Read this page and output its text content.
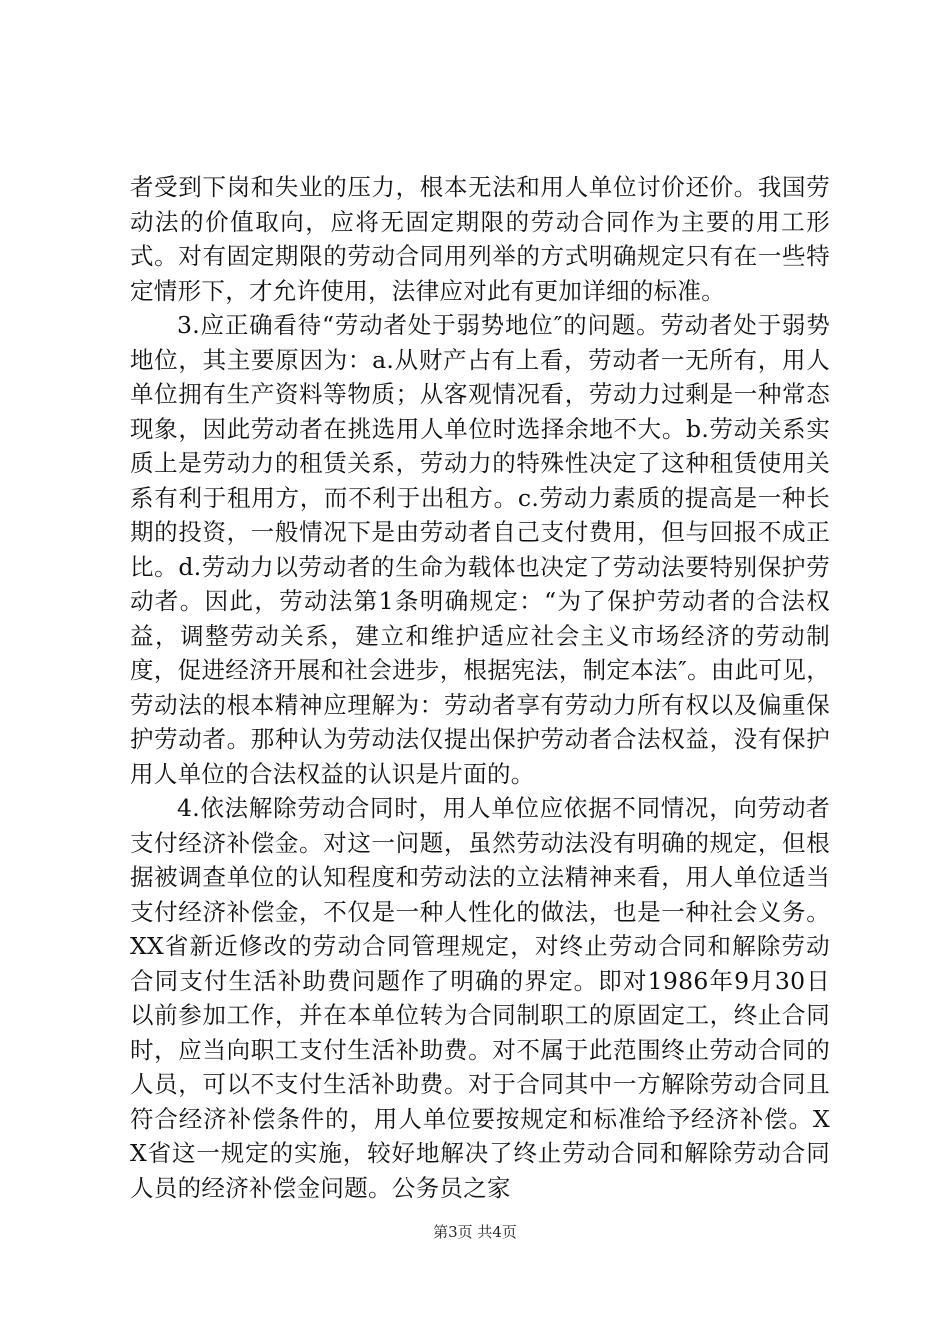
者受到下岗和失业的压力，根本无法和用人单位讨价还价。我国劳动法的价值取向，应将无固定期限的劳动合同作为主要的用工形式。对有固定期限的劳动合同用列举的方式明确规定只有在一些特定情形下，才允许使用，法律应对此有更加详细的标准。

3.应正确看待“劳动者处于弱势地位″的问题。劳动者处于弱势地位，其主要原因为：a.从财产占有上看，劳动者一无所有，用人单位拥有生产资料等物质；从客观情况看，劳动力过剩是一种常态现象，因此劳动者在挑选用人单位时选择余地不大。b.劳动关系实质上是劳动力的租赁关系，劳动力的特殊性决定了这种租赁使用关系有利于租用方，而不利于出租方。c.劳动力素质的提高是一种长期的投资，一般情况下是由劳动者自己支付费用，但与回报不成正比。d.劳动力以劳动者的生命为载体也决定了劳动法要特别保护劳动者。因此，劳动法第1条明确规定：“为了保护劳动者的合法权益，调整劳动关系，建立和维护适应社会主义市场经济的劳动制度，促进经济开展和社会进步，根据宪法，制定本法″。由此可见，劳动法的根本精神应理解为：劳动者享有劳动力所有权以及偏重保护劳动者。那种认为劳动法仅提出保护劳动者合法权益，没有保护用人单位的合法权益的认识是片面的。

4.依法解除劳动合同时，用人单位应依据不同情况，向劳动者支付经济补偿金。对这一问题，虽然劳动法没有明确的规定，但根据被调查单位的认知程度和劳动法的立法精神来看，用人单位适当支付经济补偿金，不仅是一种人性化的做法，也是一种社会义务。XX省新近修改的劳动合同管理规定，对终止劳动合同和解除劳动合同支付生活补助费问题作了明确的界定。即对1986年9月30日以前参加工作，并在本单位转为合同制职工的原固定工，终止合同时，应当向职工支付生活补助费。对不属于此范围终止劳动合同的人员，可以不支付生活补助费。对于合同其中一方解除劳动合同且符合经济补偿条件的，用人单位要按规定和标准给予经济补偿。XX省这一规定的实施，较好地解决了终止劳动合同和解除劳动合同人员的经济补偿金问题。公务员之家

第3页 共4页
